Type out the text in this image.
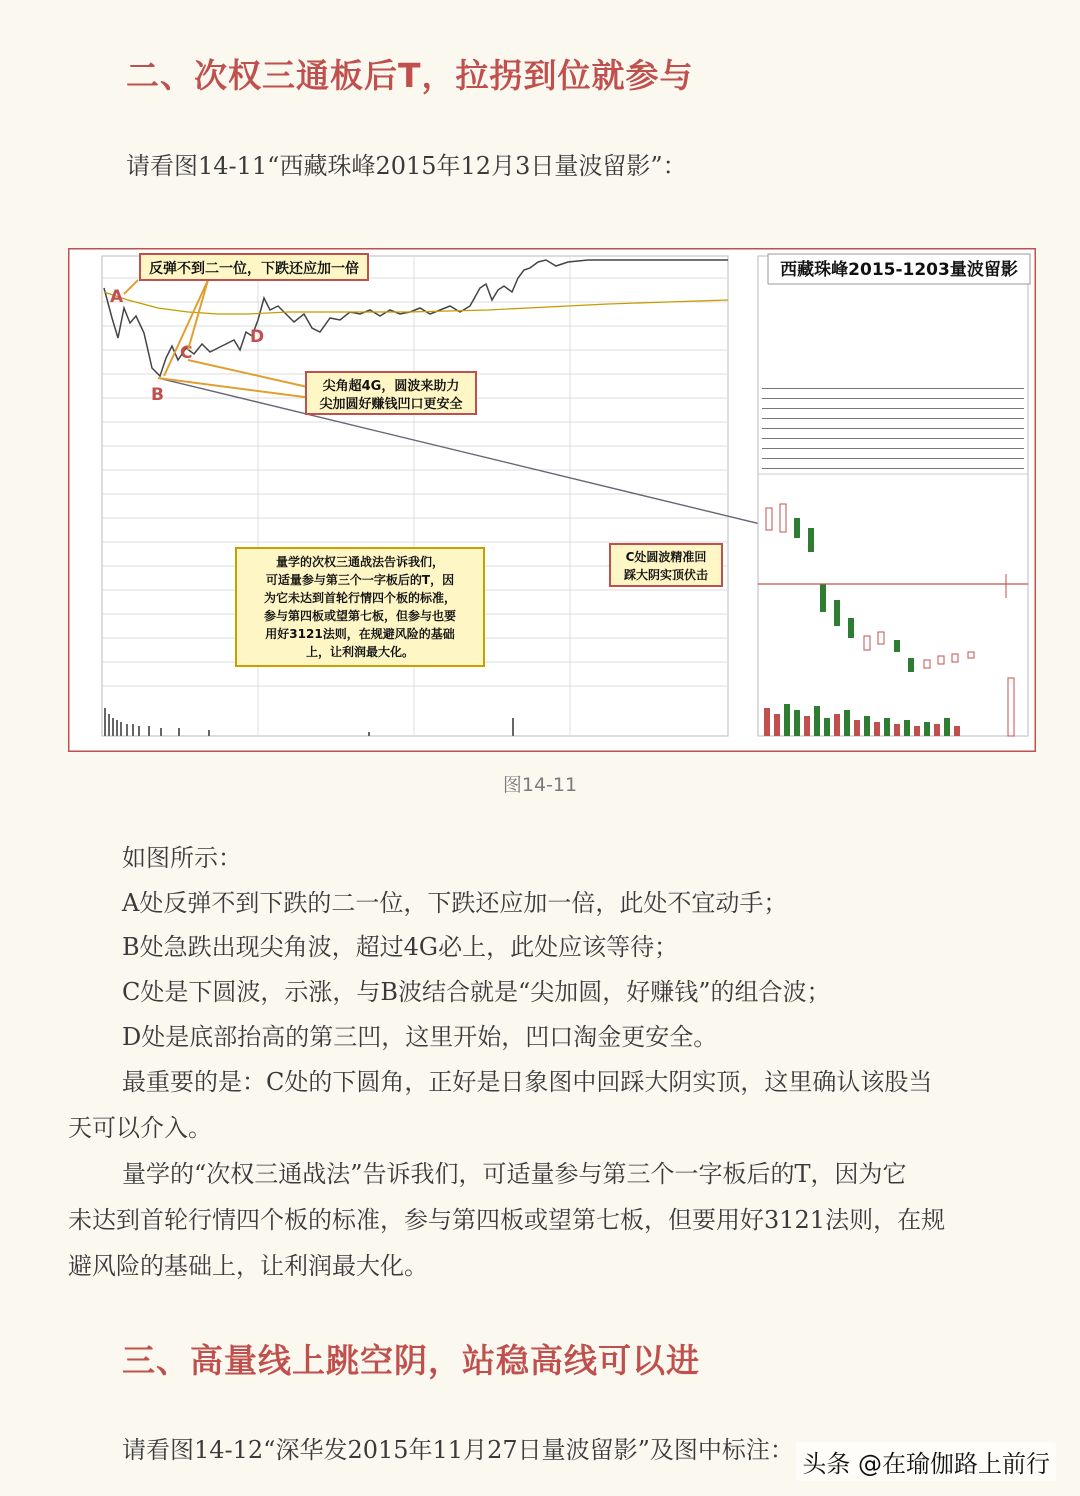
二、次权三通板后T，拉拐到位就参与
请看图14-11“西藏珠峰2015年12月3日量波留影”：
西藏珠峰2015-1203量波留影
A
B
C
D
反弹不到二一位，下跌还应加一倍
尖角超4G，圆波来助力
尖加圆好赚钱凹口更安全
量学的次权三通战法告诉我们，
可适量参与第三个一字板后的T，因
为它未达到首轮行情四个板的标准，
参与第四板或望第七板，但参与也要
用好3121法则，在规避风险的基础
上，让利润最大化。
C处圆波精准回
踩大阴实顶伏击
图14-11
如图所示：
A处反弹不到下跌的二一位，下跌还应加一倍，此处不宜动手；
B处急跌出现尖角波，超过4G必上，此处应该等待；
C处是下圆波，示涨，与B波结合就是“尖加圆，好赚钱”的组合波；
D处是底部抬高的第三凹，这里开始，凹口淘金更安全。
最重要的是：C处的下圆角，正好是日象图中回踩大阴实顶，这里确认该股当
天可以介入。
量学的“次权三通战法”告诉我们，可适量参与第三个一字板后的T，因为它
未达到首轮行情四个板的标准，参与第四板或望第七板，但要用好3121法则，在规
避风险的基础上，让利润最大化。
三、高量线上跳空阴，站稳高线可以进
请看图14-12“深华发2015年11月27日量波留影”及图中标注： 头条 @在瑜伽路上前行
